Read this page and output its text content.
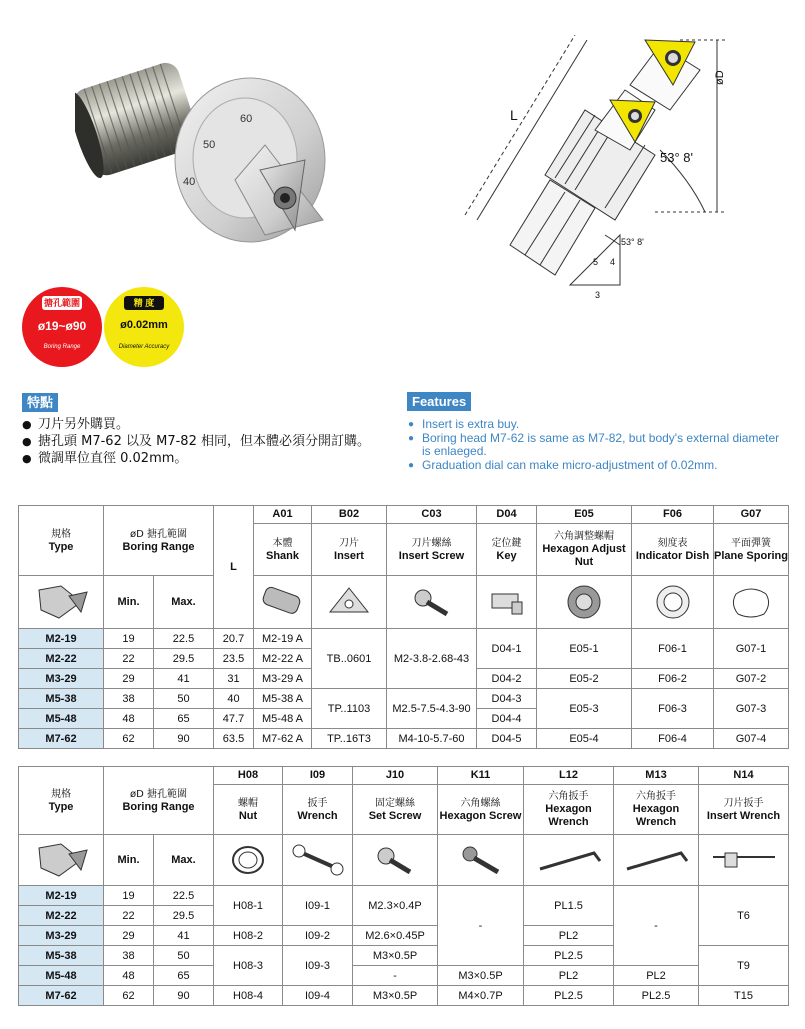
60
50
40
øD
53° 8'
L
5 4
3
53° 8'
搪孔範圍
ø19~ø90
Boring Range
精 度
ø0.02mm
Diameter Accuracy
特點
● 刀片另外購買。
● 搪孔頭 M7-62 以及 M7-82 相同，但本體必須分開訂購。
● 微調單位直徑 0.02mm。
Features
● Insert is extra buy.
● Boring head M7-62 is same as M7-82, but body's external diameter is enlaeged.
● Graduation dial can make micro-adjustment of 0.02mm.
規格
Type	øD 搪孔範圍
Boring Range		L	A01	B02	C03	D04	E05	F06	G07
				本體
Shank	刀片
Insert	刀片螺絲
Insert Screw	定位鍵
Key	六角調整螺帽
Hexagon Adjust Nut	刻度表
Indicator Dish	平面彈簧
Plane Sporing

	Min.	Max.	

M2-19	19	22.5	20.7	M2-19 A	TB..0601	M2-3.8-2.68-43	D04-1	E05-1	F06-1	G07-1
M2-22	22	29.5	23.5	M2-22 A						
M3-29	29	41	31	M3-29 A			D04-2	E05-2	F06-2	G07-2
M5-38	38	50	40	M5-38 A	TP..1103	M2.5-7.5-4.3-90	D04-3	E05-3	F06-3	G07-3
M5-48	48	65	47.7	M5-48 A			D04-4			
M7-62	62	90	63.5	M7-62 A	TP..16T3	M4-10-5.7-60	D04-5	E05-4	F06-4	G07-4
規格
Type	øD 搪孔範圍
Boring Range		H08	I09	J10	K11	L12	M13	N14
			螺帽
Nut	扳手
Wrench	固定螺絲
Set Screw	六角螺絲
Hexagon Screw	六角扳手
Hexagon Wrench	六角扳手
Hexagon Wrench	刀片扳手
Insert Wrench

	Min.	Max.	

M2-19	19	22.5	H08-1	I09-1	M2.3×0.4P	-	PL1.5	-	T6
M2-22	22	29.5							
M3-29	29	41	H08-2	I09-2	M2.6×0.45P		PL2		
M5-38	38	50	H08-3	I09-3	M3×0.5P		PL2.5		T9
M5-48	48	65			-	M3×0.5P	PL2	PL2	
M7-62	62	90	H08-4	I09-4	M3×0.5P	M4×0.7P	PL2.5	PL2.5	T15
